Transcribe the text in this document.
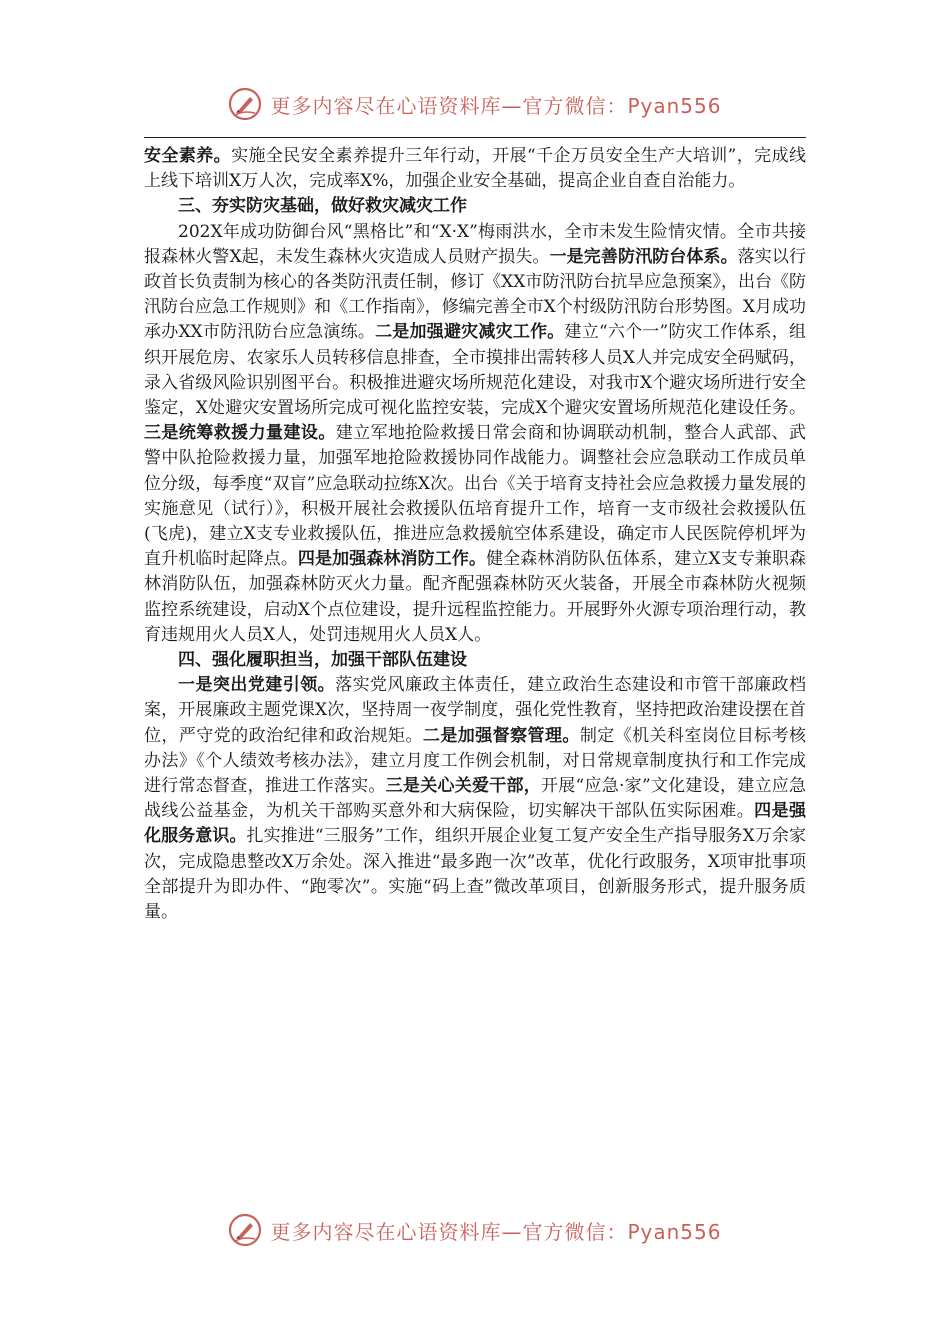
更多内容尽在心语资料库—官方微信：Pyan556

安全素养。实施全民安全素养提升三年行动，开展“千企万员安全生产大培训”，完成线上线下培训X万人次，完成率X%，加强企业安全基础，提高企业自查自治能力。

三、夯实防灾基础，做好救灾减灾工作

202X年成功防御台风“黑格比”和“X·X”梅雨洪水，全市未发生险情灾情。全市共接报森林火警X起，未发生森林火灾造成人员财产损失。一是完善防汛防台体系。落实以行政首长负责制为核心的各类防汛责任制，修订《XX市防汛防台抗旱应急预案》，出台《防汛防台应急工作规则》和《工作指南》，修编完善全市X个村级防汛防台形势图。X月成功承办XX市防汛防台应急演练。二是加强避灾减灾工作。建立“六个一”防灾工作体系，组织开展危房、农家乐人员转移信息排查，全市摸排出需转移人员X人并完成安全码赋码，录入省级风险识别图平台。积极推进避灾场所规范化建设，对我市X个避灾场所进行安全鉴定，X处避灾安置场所完成可视化监控安装，完成X个避灾安置场所规范化建设任务。三是统筹救援力量建设。建立军地抢险救援日常会商和协调联动机制，整合人武部、武警中队抢险救援力量，加强军地抢险救援协同作战能力。调整社会应急联动工作成员单位分级，每季度“双盲”应急联动拉练X次。出台《关于培育支持社会应急救援力量发展的实施意见（试行）》，积极开展社会救援队伍培育提升工作，培育一支市级社会救援队伍(飞虎)，建立X支专业救援队伍，推进应急救援航空体系建设，确定市人民医院停机坪为直升机临时起降点。四是加强森林消防工作。健全森林消防队伍体系，建立X支专兼职森林消防队伍，加强森林防灭火力量。配齐配强森林防灭火装备，开展全市森林防火视频监控系统建设，启动X个点位建设，提升远程监控能力。开展野外火源专项治理行动，教育违规用火人员X人，处罚违规用火人员X人。

四、强化履职担当，加强干部队伍建设

一是突出党建引领。落实党风廉政主体责任，建立政治生态建设和市管干部廉政档案，开展廉政主题党课X次，坚持周一夜学制度，强化党性教育，坚持把政治建设摆在首位，严守党的政治纪律和政治规矩。二是加强督察管理。制定《机关科室岗位目标考核办法》《个人绩效考核办法》，建立月度工作例会机制，对日常规章制度执行和工作完成进行常态督查，推进工作落实。三是关心关爱干部，开展“应急·家”文化建设，建立应急战线公益基金，为机关干部购买意外和大病保险，切实解决干部队伍实际困难。四是强化服务意识。扎实推进“三服务”工作，组织开展企业复工复产安全生产指导服务X万余家次，完成隐患整改X万余处。深入推进“最多跑一次”改革，优化行政服务，X项审批事项全部提升为即办件、“跑零次”。实施“码上查”微改革项目，创新服务形式，提升服务质量。

更多内容尽在心语资料库—官方微信：Pyan556
